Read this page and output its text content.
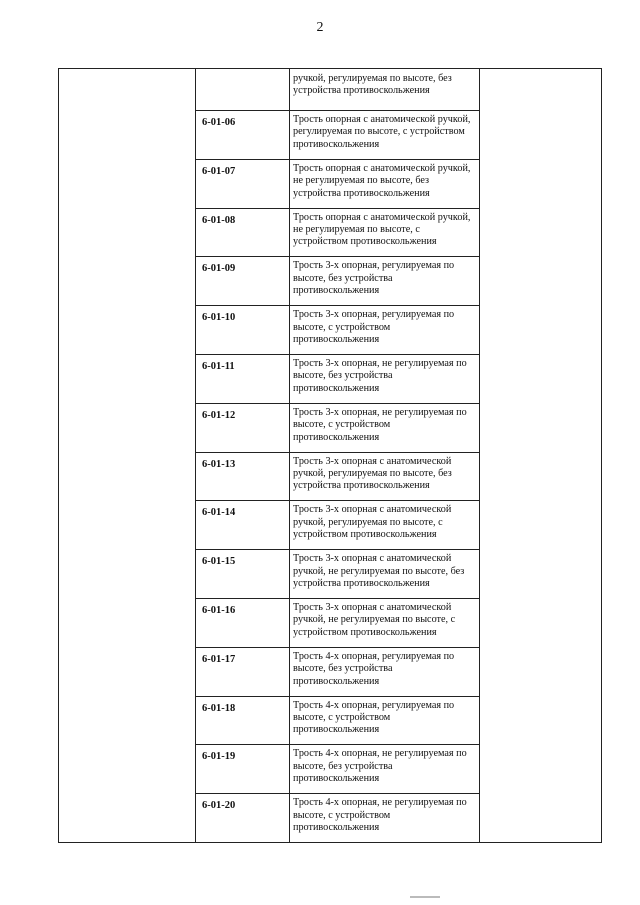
2
		ручкой, регулируемая по высоте, без устройства противоскольжения	
	6-01-06	Трость опорная с анатомической ручкой, регулируемая по высоте, с устройством противоскольжения	
	6-01-07	Трость опорная с анатомической ручкой, не регулируемая по высоте, без устройства противоскольжения	
	6-01-08	Трость опорная с анатомической ручкой, не регулируемая по высоте, с устройством противоскольжения	
	6-01-09	Трость 3-х опорная, регулируемая по высоте, без устройства противоскольжения	
	6-01-10	Трость 3-х опорная, регулируемая по высоте, с устройством противоскольжения	
	6-01-11	Трость 3-х опорная, не регулируемая по высоте, без устройства противоскольжения	
	6-01-12	Трость 3-х опорная, не регулируемая по высоте, с устройством противоскольжения	
	6-01-13	Трость 3-х опорная с анатомической ручкой, регулируемая по высоте, без устройства противоскольжения	
	6-01-14	Трость 3-х опорная с анатомической ручкой, регулируемая по высоте, с устройством противоскольжения	
	6-01-15	Трость 3-х опорная с анатомической ручкой, не регулируемая по высоте, без устройства противоскольжения	
	6-01-16	Трость 3-х опорная с анатомической ручкой, не регулируемая по высоте, с устройством противоскольжения	
	6-01-17	Трость 4-х опорная, регулируемая по высоте, без устройства противоскольжения	
	6-01-18	Трость 4-х опорная, регулируемая по высоте, с устройством противоскольжения	
	6-01-19	Трость 4-х опорная, не регулируемая по высоте, без устройства противоскольжения	
	6-01-20	Трость 4-х опорная, не регулируемая по высоте, с устройством противоскольжения	
